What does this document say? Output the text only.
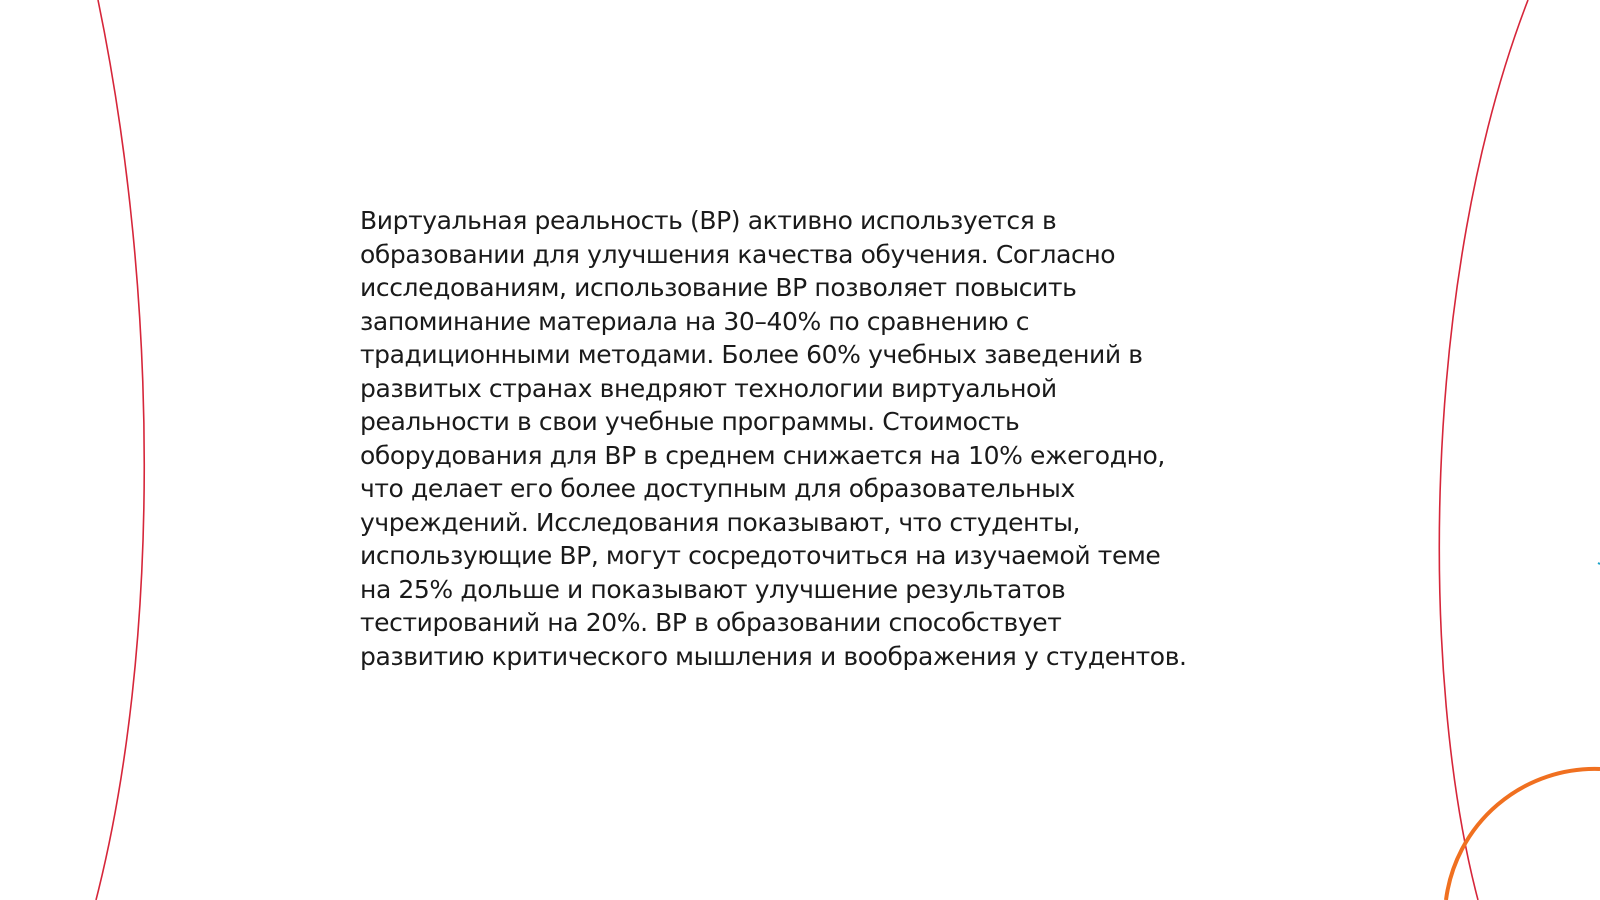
Виртуальная реальность (ВР) активно используется в
образовании для улучшения качества обучения. Согласно
исследованиям, использование ВР позволяет повысить
запоминание материала на 30–40% по сравнению с
традиционными методами. Более 60% учебных заведений в
развитых странах внедряют технологии виртуальной
реальности в свои учебные программы. Стоимость
оборудования для ВР в среднем снижается на 10% ежегодно,
что делает его более доступным для образовательных
учреждений. Исследования показывают, что студенты,
использующие ВР, могут сосредоточиться на изучаемой теме
на 25% дольше и показывают улучшение результатов
тестирований на 20%. ВР в образовании способствует
развитию критического мышления и воображения у студентов.
